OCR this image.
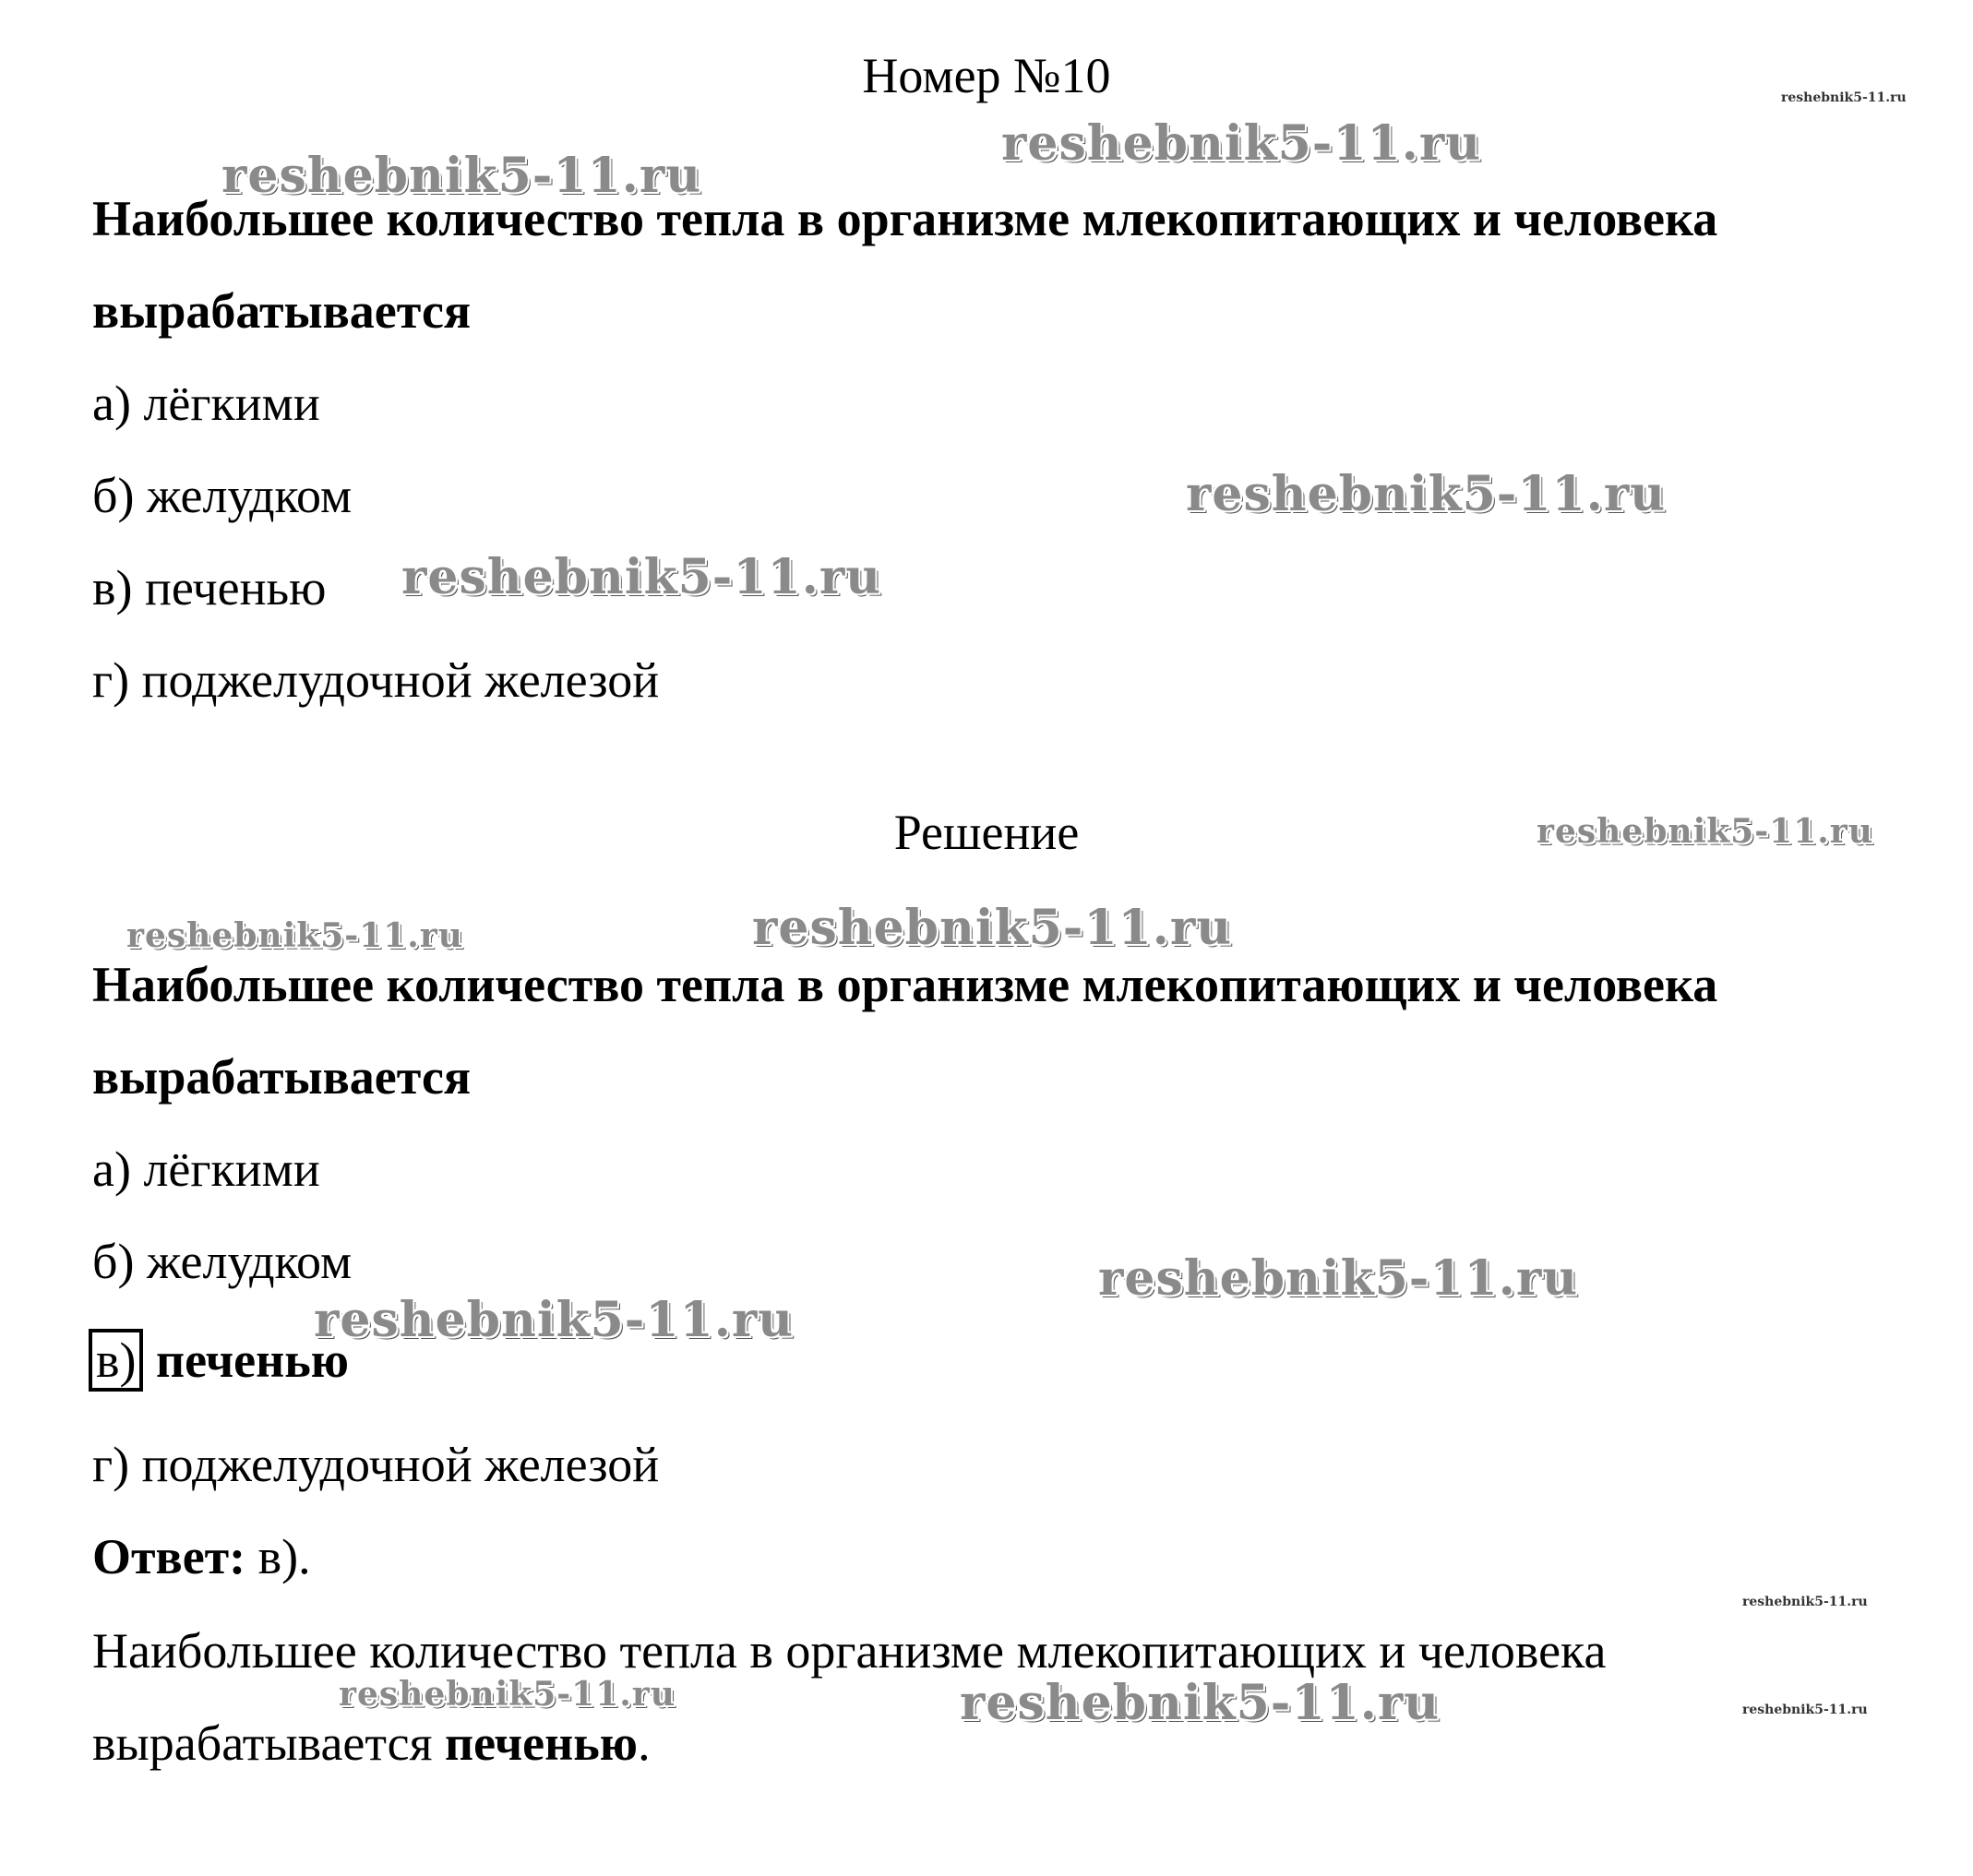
Номер №10
Наибольшее количество тепла в организме млекопитающих и человека
вырабатывается
а) лёгкими
б) желудком
в) печенью
г) поджелудочной железой
Решение
Наибольшее количество тепла в организме млекопитающих и человека
вырабатывается
а) лёгкими
б) желудком
в) печенью
г) поджелудочной железой
Ответ: в).
Наибольшее количество тепла в организме млекопитающих и человека
вырабатывается печенью.
reshebnik5-11.ru
reshebnik5-11.ru
reshebnik5-11.ru
reshebnik5-11.ru
reshebnik5-11.ru
reshebnik5-11.ru
reshebnik5-11.ru	reshebnik5-11.ru
reshebnik5-11.ru
reshebnik5-11.ru
reshebnik5-11.ru
reshebnik5-11.ru	reshebnik5-11.ru	reshebnik5-11.ru
